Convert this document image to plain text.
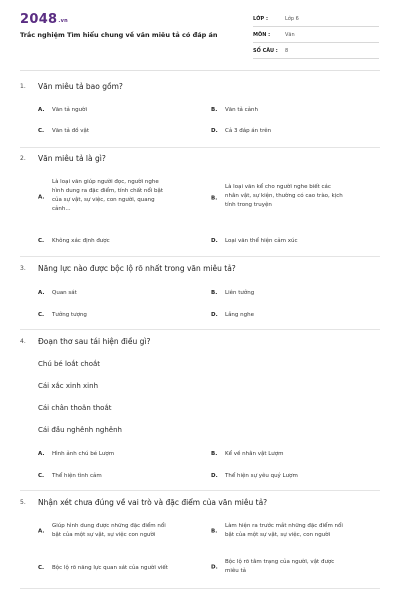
2048.vn
Trắc nghiệm Tìm hiểu chung về văn miêu tả có đáp án
LỚP :	Lớp 6
MÔN :	Văn
SỐ CÂU : 8
1. Văn miêu tả bao gồm?
A. Văn tả người	B. Văn tả cảnh
C. Văn tả đồ vật	D. Cả 3 đáp án trên
2. Văn miêu tả là gì?
A.
Là loại văn giúp người đọc, người nghe
hình dung ra đặc điểm, tính chất nổi bật
của sự vật, sự việc, con người, quang
cảnh...
B.
Là loại văn kể cho người nghe biết các
nhân vật, sự kiện, thường có cao trào, kịch
tính trong truyện
C. Không xác định được	D. Loại văn thể hiện cảm xúc
3. Năng lực nào được bộc lộ rõ nhất trong văn miêu tả?
A. Quan sát	B. Liên tưởng
C. Tưởng tượng	D. Lắng nghe
4. Đoạn thơ sau tái hiện điều gì?
Chú bé loắt choắt
Cái xắc xinh xinh
Cái chân thoăn thoắt
Cái đầu nghênh nghênh
A. Hình ảnh chú bé Lượm	B. Kể về nhân vật Lượm
C. Thể hiện tình cảm	D. Thể hiện sự yêu quý Lượm
5. Nhận xét chưa đúng về vai trò và đặc điểm của văn miêu tả?
A.
Giúp hình dung được những đặc điểm nổi
bật của một sự vật, sự việc con người
B.
Làm hiện ra trước mắt những đặc điểm nổi
bật của một sự vật, sự việc, con người
C. Bộc lộ rõ năng lực quan sát của người viết	D.
Bộc lộ rõ tâm trạng của người, vật được
miêu tả
